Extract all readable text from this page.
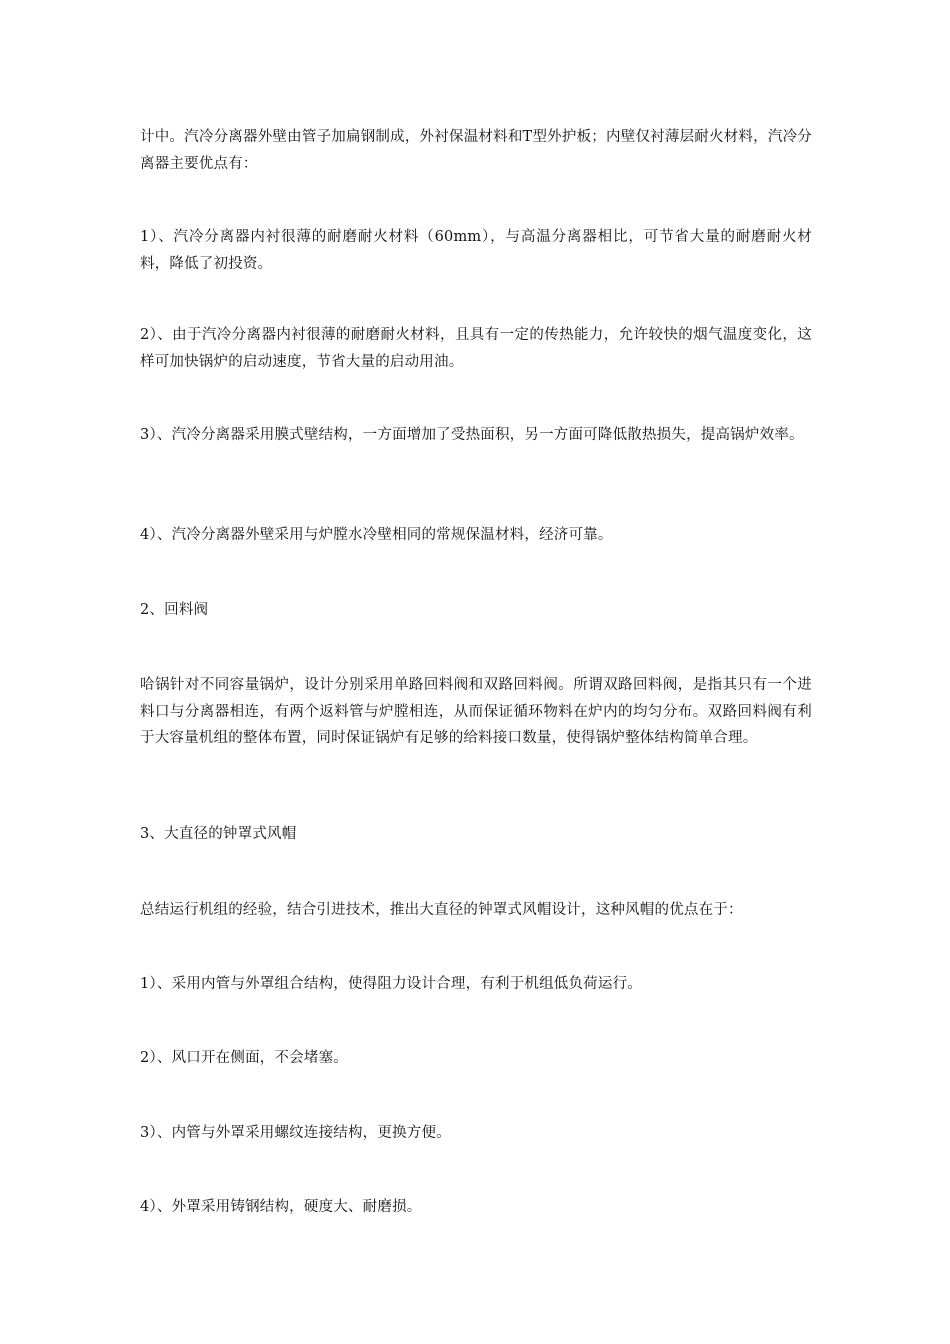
计中。汽冷分离器外壁由管子加扁钢制成，外衬保温材料和T型外护板；内壁仅衬薄层耐火材料，汽冷分离器主要优点有：

1）、汽冷分离器内衬很薄的耐磨耐火材料（60mm），与高温分离器相比，可节省大量的耐磨耐火材料，降低了初投资。

2）、由于汽冷分离器内衬很薄的耐磨耐火材料，且具有一定的传热能力，允许较快的烟气温度变化，这样可加快锅炉的启动速度，节省大量的启动用油。

3）、汽冷分离器采用膜式壁结构，一方面增加了受热面积，另一方面可降低散热损失，提高锅炉效率。

4）、汽冷分离器外壁采用与炉膛水冷壁相同的常规保温材料，经济可靠。

2、回料阀

哈锅针对不同容量锅炉，设计分别采用单路回料阀和双路回料阀。所谓双路回料阀，是指其只有一个进料口与分离器相连，有两个返料管与炉膛相连，从而保证循环物料在炉内的均匀分布。双路回料阀有利于大容量机组的整体布置，同时保证锅炉有足够的给料接口数量，使得锅炉整体结构简单合理。

3、大直径的钟罩式风帽

总结运行机组的经验，结合引进技术，推出大直径的钟罩式风帽设计，这种风帽的优点在于：

1）、采用内管与外罩组合结构，使得阻力设计合理，有利于机组低负荷运行。

2）、风口开在侧面，不会堵塞。

3）、内管与外罩采用螺纹连接结构，更换方便。

4）、外罩采用铸钢结构，硬度大、耐磨损。
